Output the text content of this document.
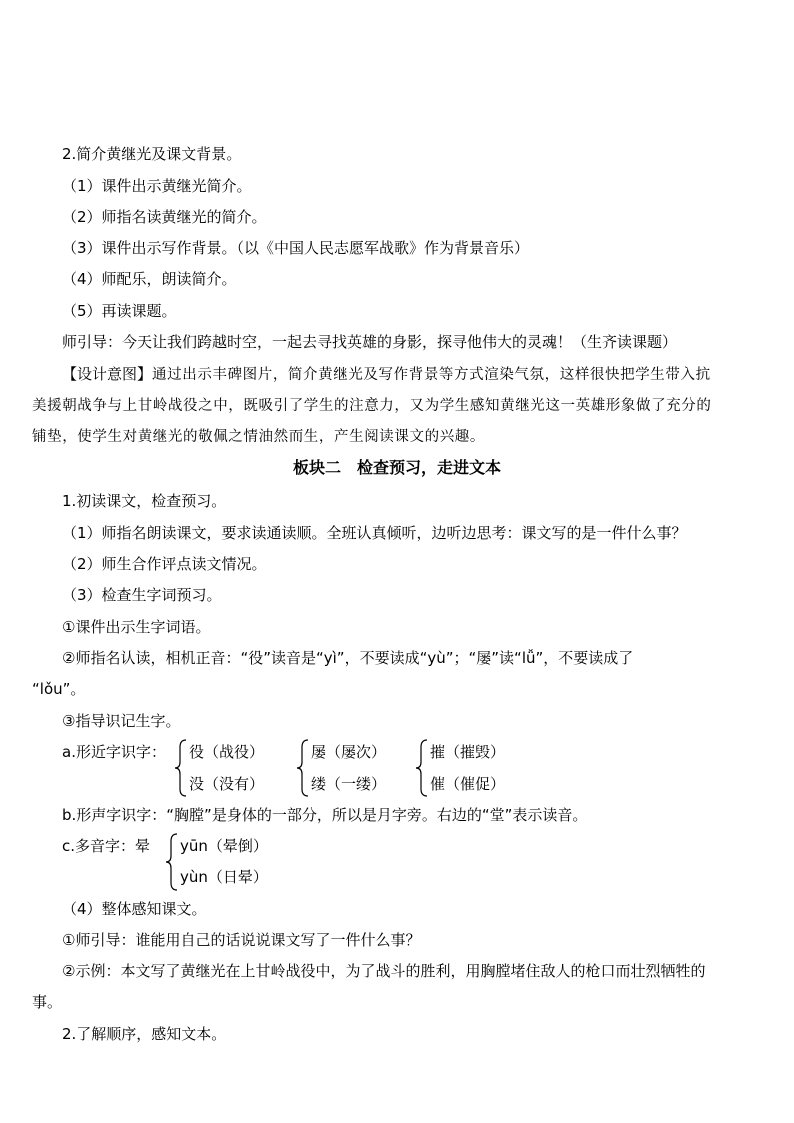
2.简介黄继光及课文背景。
（1）课件出示黄继光简介。
（2）师指名读黄继光的简介。
（3）课件出示写作背景。（以《中国人民志愿军战歌》作为背景音乐）
（4）师配乐，朗读简介。
（5）再读课题。
师引导：今天让我们跨越时空，一起去寻找英雄的身影，探寻他伟大的灵魂！（生齐读课题）
【设计意图】通过出示丰碑图片，简介黄继光及写作背景等方式渲染气氛，这样很快把学生带入抗
美援朝战争与上甘岭战役之中，既吸引了学生的注意力，又为学生感知黄继光这一英雄形象做了充分的
铺垫，使学生对黄继光的敬佩之情油然而生，产生阅读课文的兴趣。
板块二　检查预习，走进文本
1.初读课文，检查预习。
（1）师指名朗读课文，要求读通读顺。全班认真倾听，边听边思考：课文写的是一件什么事？
（2）师生合作评点读文情况。
（3）检查生字词预习。
①课件出示生字词语。
②师指名认读，相机正音：“役”读音是“yì”，不要读成“yù”；“屡”读“lǚ”，不要读成了
“lǒu”。
③指导识记生字。
a.形近字识字： 役（战役）
没（没有）
屡（屡次）
缕（一缕）
摧（摧毁）
催（催促）
b.形声字识字：“胸膛”是身体的一部分，所以是月字旁。右边的“堂”表示读音。
c.多音字：晕 yūn（晕倒）
yùn（日晕）
（4）整体感知课文。
①师引导：谁能用自己的话说说课文写了一件什么事？
②示例：本文写了黄继光在上甘岭战役中，为了战斗的胜利，用胸膛堵住敌人的枪口而壮烈牺牲的
事。
2.了解顺序，感知文本。
